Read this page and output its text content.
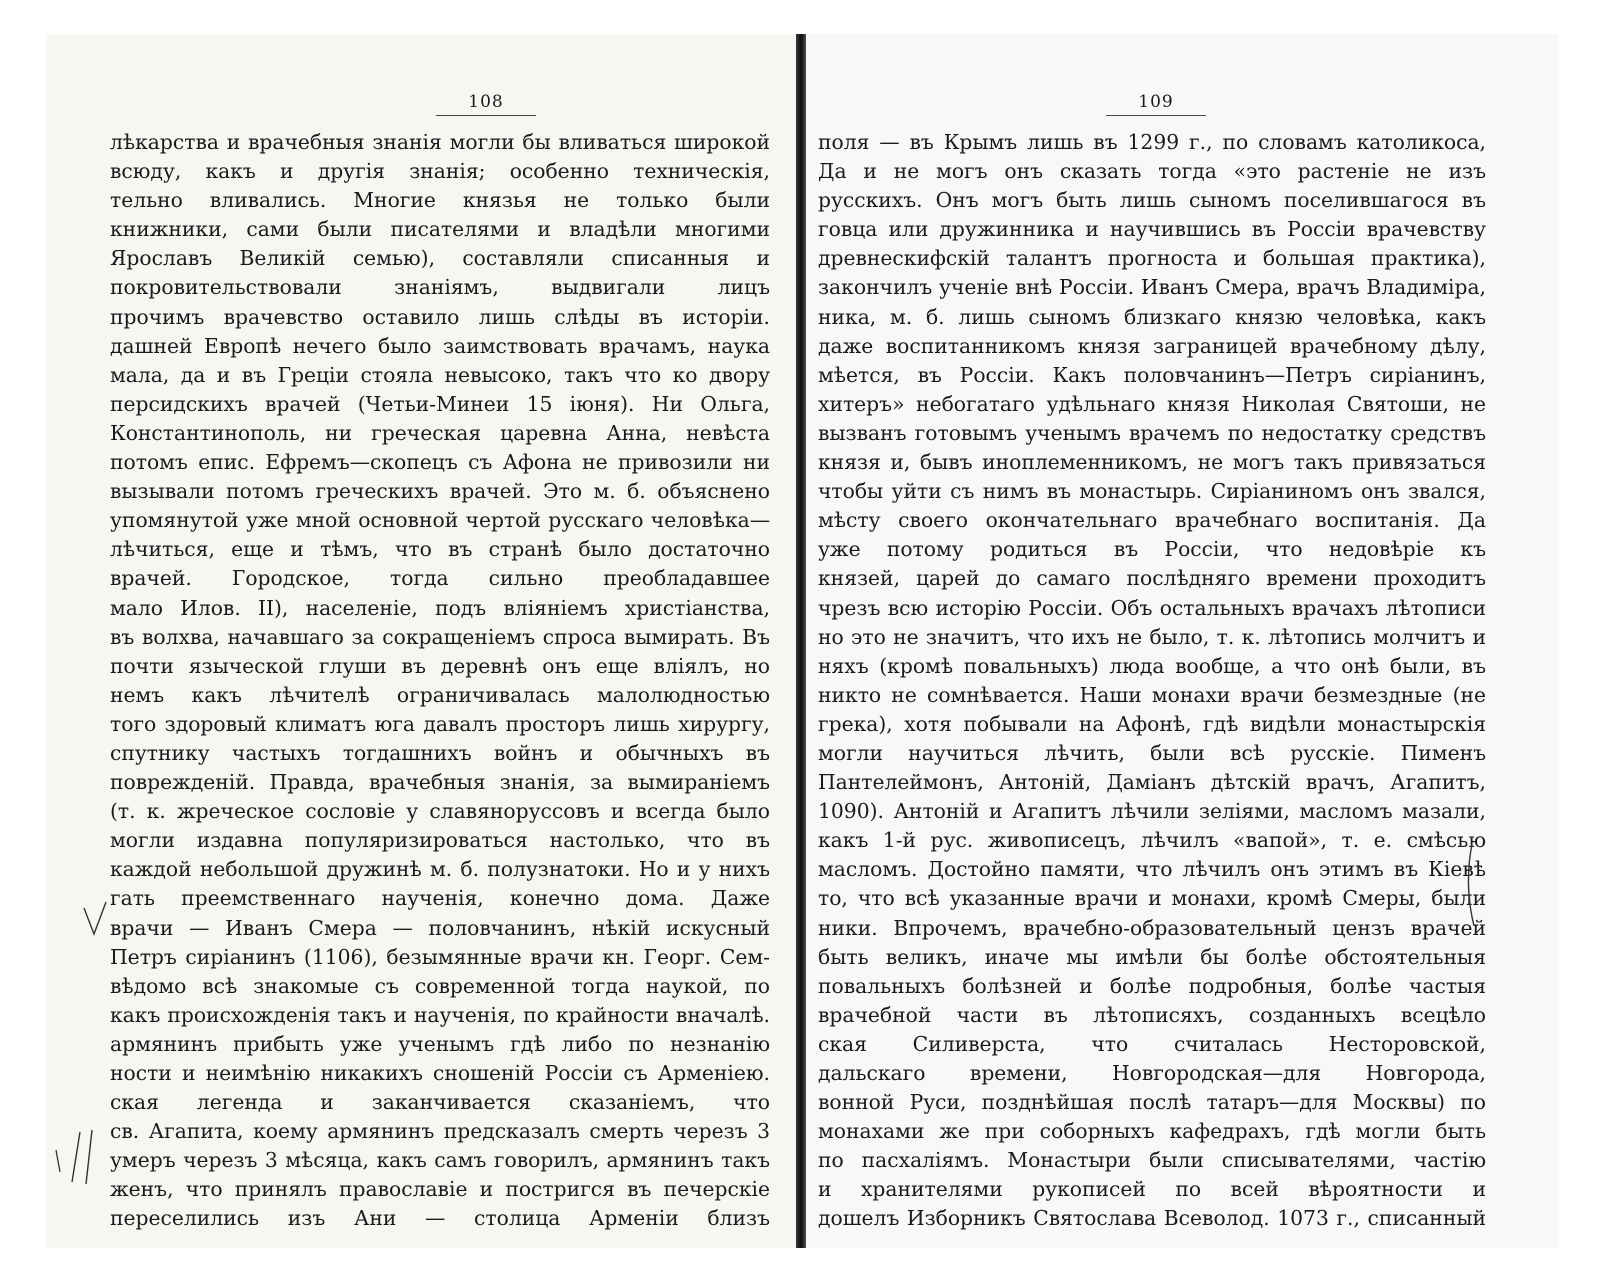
108
лѣкарства и врачебныя знанія могли бы вливаться широкой
всюду, какъ и другія знанія; особенно техническія,
тельно вливались. Многие князья не только были
книжники, сами были писателями и владѣли многими
Ярославъ Великій семью), составляли списанныя и
покровительствовали знаніямъ, выдвигали лицъ
прочимъ врачевство оставило лишь слѣды въ исторіи.
дашней Европѣ нечего было заимствовать врачамъ, наука
мала, да и въ Греціи стояла невысоко, такъ что ко двору
персидскихъ врачей (Четьи-Минеи 15 іюня). Ни Ольга,
Константинополь, ни греческая царевна Анна, невѣста
потомъ епис. Ефремъ—скопецъ съ Афона не привозили ни
вызывали потомъ греческихъ врачей. Это м. б. объяснено
упомянутой уже мной основной чертой русскаго человѣка—
лѣчиться, еще и тѣмъ, что въ странѣ было достаточно
врачей. Городское, тогда сильно преобладавшее
мало Илов. II), населеніе, подъ вліяніемъ христіанства,
въ волхва, начавшаго за сокращеніемъ спроса вымирать. Въ
почти языческой глуши въ деревнѣ онъ еще вліялъ, но
немъ какъ лѣчителѣ ограничивалась малолюдностью
того здоровый климатъ юга давалъ просторъ лишь хирургу,
спутнику частыхъ тогдашнихъ войнъ и обычныхъ въ
поврежденій. Правда, врачебныя знанія, за вымираніемъ
(т. к. жреческое сословіе у славяноруссовъ и всегда было
могли издавна популяризироваться настолько, что въ
каждой небольшой дружинѣ м. б. полузнатоки. Но и у нихъ
гать преемственнаго наученія, конечно дома. Даже
врачи — Иванъ Смера — половчанинъ, нѣкій искусный
Петръ сиріанинъ (1106), безымянные врачи кн. Георг. Сем-
вѣдомо всѣ знакомые съ современной тогда наукой, по
какъ происхожденія такъ и наученія, по крайности вначалѣ.
армянинъ прибыть уже ученымъ гдѣ либо по незнанію
ности и неимѣнію никакихъ сношеній Россіи съ Арменіею.
ская легенда и заканчивается сказаніемъ, что
св. Агапита, коему армянинъ предсказалъ смерть черезъ 3
умеръ черезъ 3 мѣсяца, какъ самъ говорилъ, армянинъ такъ
женъ, что принялъ православіе и постригся въ печерскіе
переселились изъ Ани — столица Арменіи близъ
109
поля — въ Крымъ лишь въ 1299 г., по словамъ католикоса,
Да и не могъ онъ сказать тогда «это растеніе не изъ
русскихъ. Онъ могъ быть лишь сыномъ поселившагося въ
говца или дружинника и научившись въ Россіи врачевству
древнескифскій талантъ прогноста и большая практика),
закончилъ ученіе внѣ Россіи. Иванъ Смера, врачъ Владиміра,
ника, м. б. лишь сыномъ близкаго князю человѣка, какъ
даже воспитанникомъ князя заграницей врачебному дѣлу,
мѣется, въ Россіи. Какъ половчанинъ—Петръ сиріанинъ,
хитеръ» небогатаго удѣльнаго князя Николая Святоши, не
вызванъ готовымъ ученымъ врачемъ по недостатку средствъ
князя и, бывъ иноплеменникомъ, не могъ такъ привязаться
чтобы уйти съ нимъ въ монастырь. Сиріаниномъ онъ звался,
мѣсту своего окончательнаго врачебнаго воспитанія. Да
уже потому родиться въ Россіи, что недовѣріе къ
князей, царей до самаго послѣдняго времени проходитъ
чрезъ всю исторію Россіи. Объ остальныхъ врачахъ лѣтописи
но это не значитъ, что ихъ не было, т. к. лѣтопись молчитъ и
няхъ (кромѣ повальныхъ) люда вообще, а что онѣ были, въ
никто не сомнѣвается. Наши монахи врачи безмездные (не
грека), хотя побывали на Афонѣ, гдѣ видѣли монастырскія
могли научиться лѣчить, были всѣ русскіе. Пименъ
Пантелеймонъ, Антоній, Даміанъ дѣтскій врачъ, Агапитъ,
1090). Антоній и Агапитъ лѣчили зеліями, масломъ мазали,
какъ 1-й рус. живописецъ, лѣчилъ «вапой», т. е. смѣсью
масломъ. Достойно памяти, что лѣчилъ онъ этимъ въ Кіевѣ
то, что всѣ указанные врачи и монахи, кромѣ Смеры, были
ники. Впрочемъ, врачебно-образовательный цензъ врачей
быть великъ, иначе мы имѣли бы болѣе обстоятельныя
повальныхъ болѣзней и болѣе подробныя, болѣе частыя
врачебной части въ лѣтописяхъ, созданныхъ всецѣло
ская Силиверста, что считалась Несторовской,
дальскаго времени, Новгородская—для Новгорода,
вонной Руси, позднѣйшая послѣ татаръ—для Москвы) по
монахами же при соборныхъ кафедрахъ, гдѣ могли быть
по пасхаліямъ. Монастыри были списывателями, частію
и хранителями рукописей по всей вѣроятности и
дошелъ Изборникъ Святослава Всеволод. 1073 г., списанный
